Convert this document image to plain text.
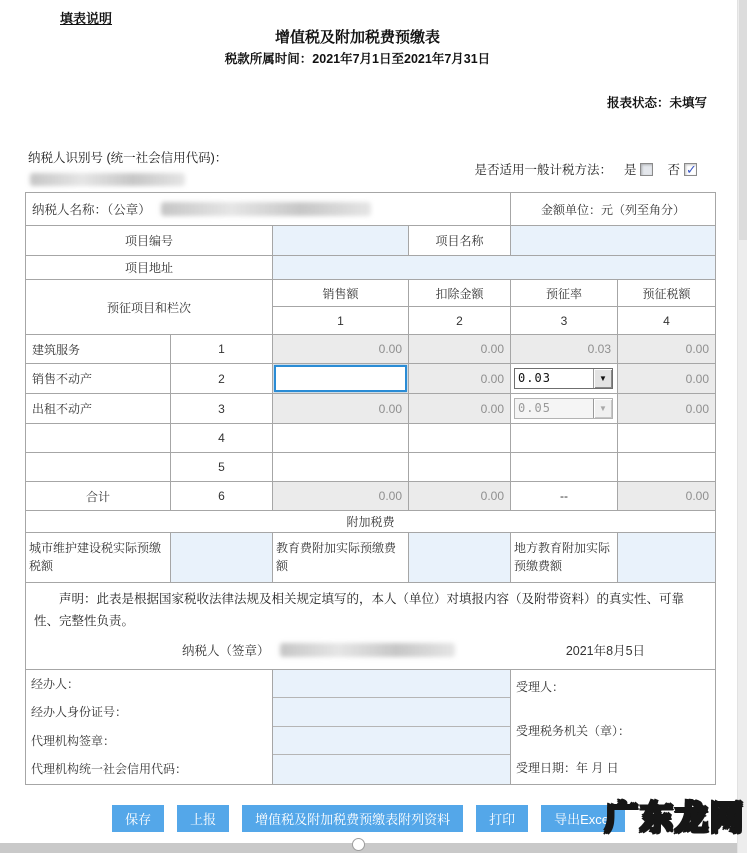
填表说明
增值税及附加税费预缴表
税款所属时间：2021年7月1日至2021年7月31日
报表状态：未填写
纳税人识别号 (统一社会信用代码)：
是否适用一般计税方法： 是 否
✓
纳税人名称：（公章）				金额单位：元（列至角分）	
项目编号			项目名称		
项目地址					
预征项目和栏次		销售额	扣除金额	预征率	预征税额
		1	2	3	4
建筑服务	1	0.00	0.00	0.03	0.00
销售不动产	2		0.00	0.03 ▼	0.00
出租不动产	3	0.00	0.00	0.05 ▼	0.00
	4				
	5				
合计	6	0.00	0.00	--	0.00
附加税费					
城市维护建设税实际预缴税额		教育费附加实际预缴费额		地方教育附加实际预缴费额	

声明：此表是根据国家税收法律法规及相关规定填写的，本人（单位）对填报内容（及附带资料）的真实性、可靠性、完整性负责。
纳税人（签章） 2021年8月5日					

经办人：
经办人身份证号：
代理机构签章：
代理机构统一社会信用代码：

受理人：
受理税务机关（章）：
受理日期：年 月 日
保存	上报	增值税及附加税费预缴表附列资料	打印	导出Excel
广东龙网
